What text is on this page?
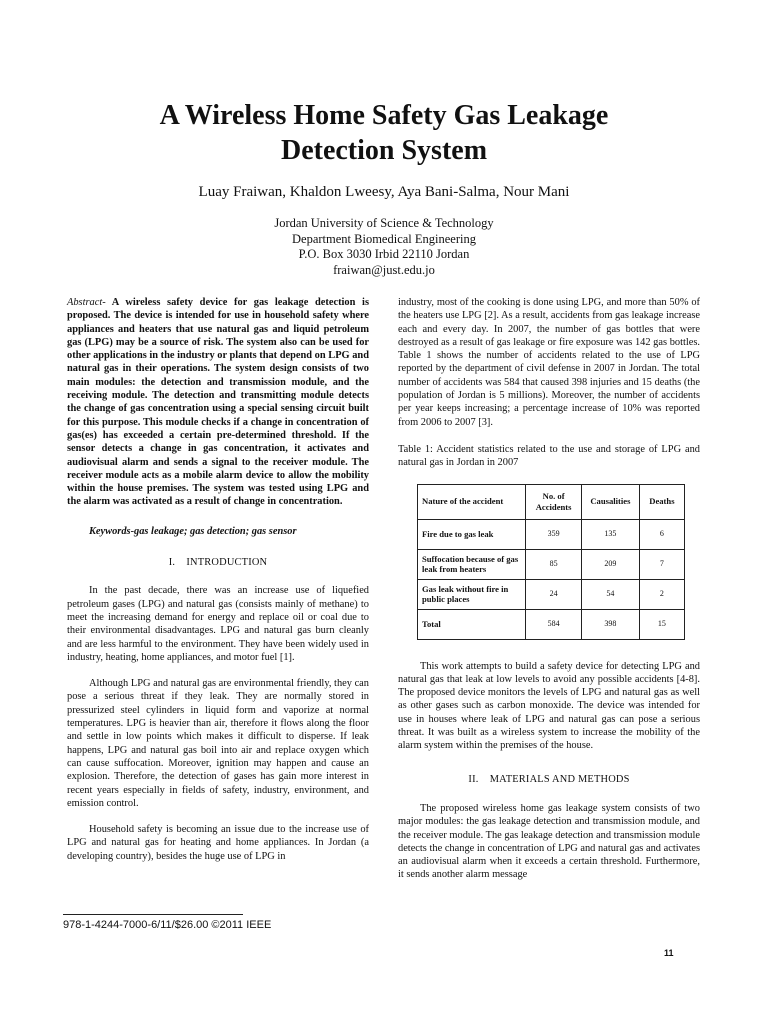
A Wireless Home Safety Gas Leakage
Detection System
Luay Fraiwan, Khaldon Lweesy, Aya Bani-Salma, Nour Mani
Jordan University of Science & Technology
Department Biomedical Engineering
P.O. Box 3030 Irbid 22110 Jordan
fraiwan@just.edu.jo

Abstract- A wireless safety device for gas leakage detection is proposed. The device is intended for use in household safety where appliances and heaters that use natural gas and liquid petroleum gas (LPG) may be a source of risk. The system also can be used for other applications in the industry or plants that depend on LPG and natural gas in their operations. The system design consists of two main modules: the detection and transmission module, and the receiving module. The detection and transmitting module detects the change of gas concentration using a special sensing circuit built for this purpose. This module checks if a change in concentration of gas(es) has exceeded a certain pre-determined threshold. If the sensor detects a change in gas concentration, it activates and audiovisual alarm and sends a signal to the receiver module. The receiver module acts as a mobile alarm device to allow the mobility within the house premises. The system was tested using LPG and the alarm was activated as a result of change in concentration.

Keywords-gas leakage; gas detection; gas sensor

I.    INTRODUCTION

In the past decade, there was an increase use of liquefied petroleum gases (LPG) and natural gas (consists mainly of methane) to meet the increasing demand for energy and replace oil or coal due to their environmental disadvantages. LPG and natural gas burn cleanly and are less harmful to the environment. They have been widely used in industry, heating, home appliances, and motor fuel [1].

Although LPG and natural gas are environmental friendly, they can pose a serious threat if they leak. They are normally stored in pressurized steel cylinders in liquid form and vaporize at normal temperatures. LPG is heavier than air, therefore it flows along the floor and settle in low points which makes it difficult to disperse. If leak happens, LPG and natural gas boil into air and replace oxygen which can cause suffocation. Moreover, ignition may happen and cause an explosion. Therefore, the detection of gases has gain more interest in recent years especially in fields of safety, industry, environment, and emission control.

Household safety is becoming an issue due to the increase use of LPG and natural gas for heating and home appliances. In Jordan (a developing country), besides the huge use of LPG in

industry, most of the cooking is done using LPG, and more than 50% of the heaters use LPG [2]. As a result, accidents from gas leakage increase each and every day. In 2007, the number of gas bottles that were destroyed as a result of gas leakage or fire exposure was 142 gas bottles. Table 1 shows the number of accidents related to the use of LPG reported by the department of civil defense in 2007 in Jordan. The total number of accidents was 584 that caused 398 injuries and 15 deaths (the population of Jordan is 5 millions). Moreover, the number of accidents per year keeps increasing; a percentage increase of 10% was reported from 2006 to 2007 [3].

Table 1: Accident statistics related to the use and storage of LPG and natural gas in Jordan in 2007

Nature of the accident	No. of Accidents	Causalities	Deaths
Fire due to gas leak	359	135	6
Suffocation because of gas leak from heaters	85	209	7
Gas leak without fire in public places	24	54	2
Total	584	398	15

This work attempts to build a safety device for detecting LPG and natural gas that leak at low levels to avoid any possible accidents [4-8]. The proposed device monitors the levels of LPG and natural gas as well as other gases such as carbon monoxide. The device was intended for use in houses where leak of LPG and natural gas can pose a serious threat. It was built as a wireless system to increase the mobility of the alarm system within the premises of the house.

II.    MATERIALS AND METHODS

The proposed wireless home gas leakage system consists of two major modules: the gas leakage detection and transmission module, and the receiver module. The gas leakage detection and transmission module detects the change in concentration of LPG and natural gas and activates an audiovisual alarm when it exceeds a certain threshold. Furthermore, it sends another alarm message

978-1-4244-7000-6/11/$26.00 ©2011 IEEE
11
